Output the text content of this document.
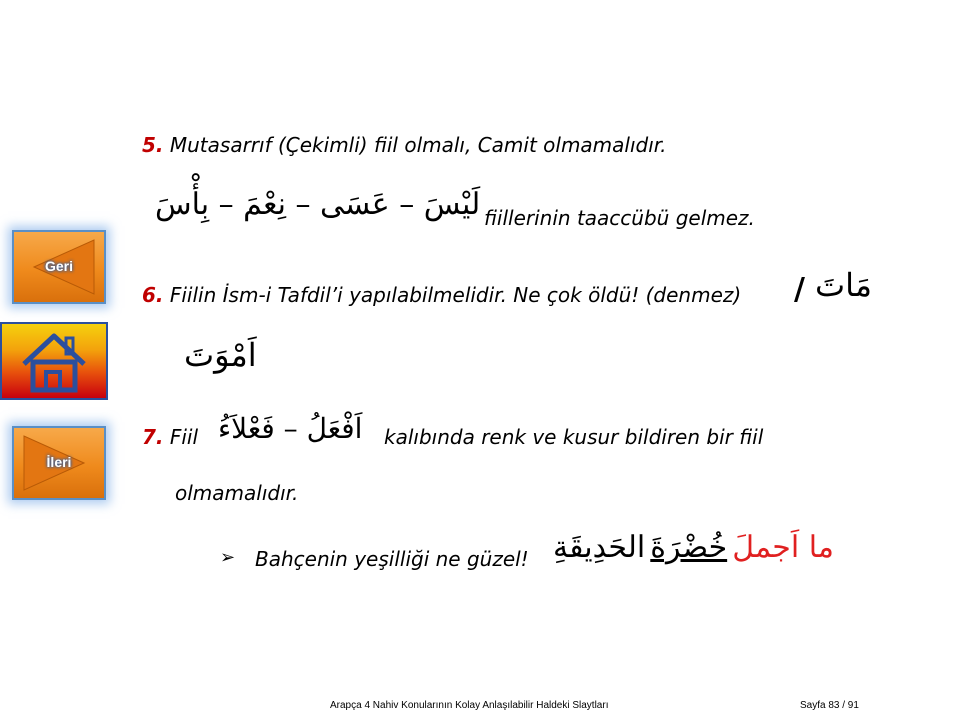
Geri
İleri
5. Mutasarrıf (Çekimli) fiil olmalı, Camit olmamalıdır.
لَيْسَ – عَسَى – نِعْمَ – بِأْسَ fiillerinin taaccübü gelmez.
6. Fiilin İsm-i Tafdil’i yapılabilmelidir. Ne çok öldü! (denmez) / مَاتَ
اَمْوَتَ
7. Fiil اَفْعَلُ – فَعْلاَءُ kalıbında renk ve kusur bildiren bir fiil
olmamalıdır.
➢ Bahçenin yeşilliği ne güzel! الحَدِيقَةِ خُضْرَةَ ما اَجملَ
Arapça 4 Nahiv Konularının Kolay Anlaşılabilir Haldeki Slaytları	Sayfa 83 / 91
